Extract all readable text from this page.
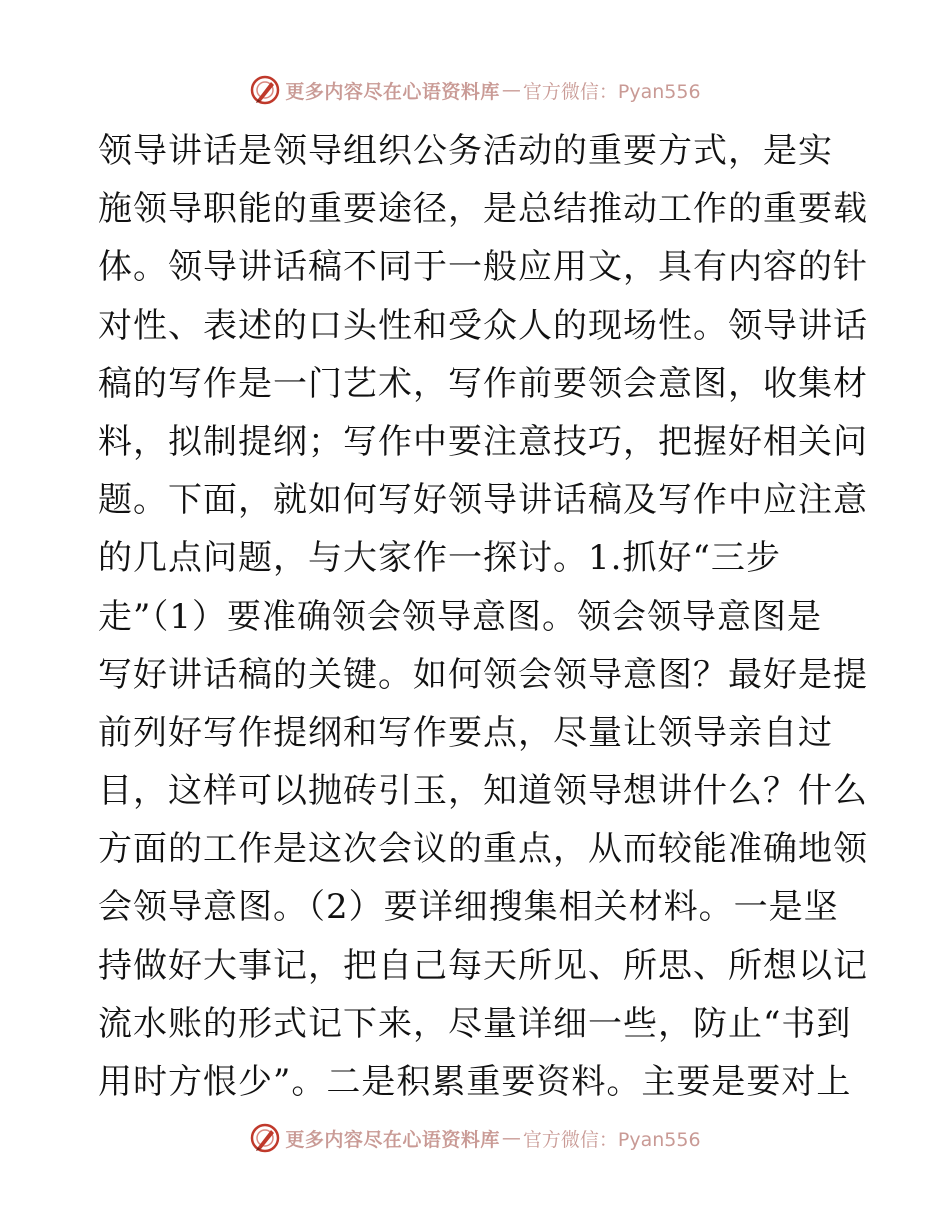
更多内容尽在心语资料库 — 官方微信：Pyan556
领导讲话是领导组织公务活动的重要方式，是实
施领导职能的重要途径，是总结推动工作的重要载
体。领导讲话稿不同于一般应用文，具有内容的针
对性、表述的口头性和受众人的现场性。领导讲话
稿的写作是一门艺术，写作前要领会意图，收集材
料，拟制提纲；写作中要注意技巧，把握好相关问
题。下面，就如何写好领导讲话稿及写作中应注意
的几点问题，与大家作一探讨。1.抓好“三步
走”（1）要准确领会领导意图。领会领导意图是
写好讲话稿的关键。如何领会领导意图？最好是提
前列好写作提纲和写作要点，尽量让领导亲自过
目，这样可以抛砖引玉，知道领导想讲什么？什么
方面的工作是这次会议的重点，从而较能准确地领
会领导意图。（2）要详细搜集相关材料。一是坚
持做好大事记，把自己每天所见、所思、所想以记
流水账的形式记下来，尽量详细一些，防止“书到
用时方恨少”。二是积累重要资料。主要是要对上
更多内容尽在心语资料库 — 官方微信：Pyan556
